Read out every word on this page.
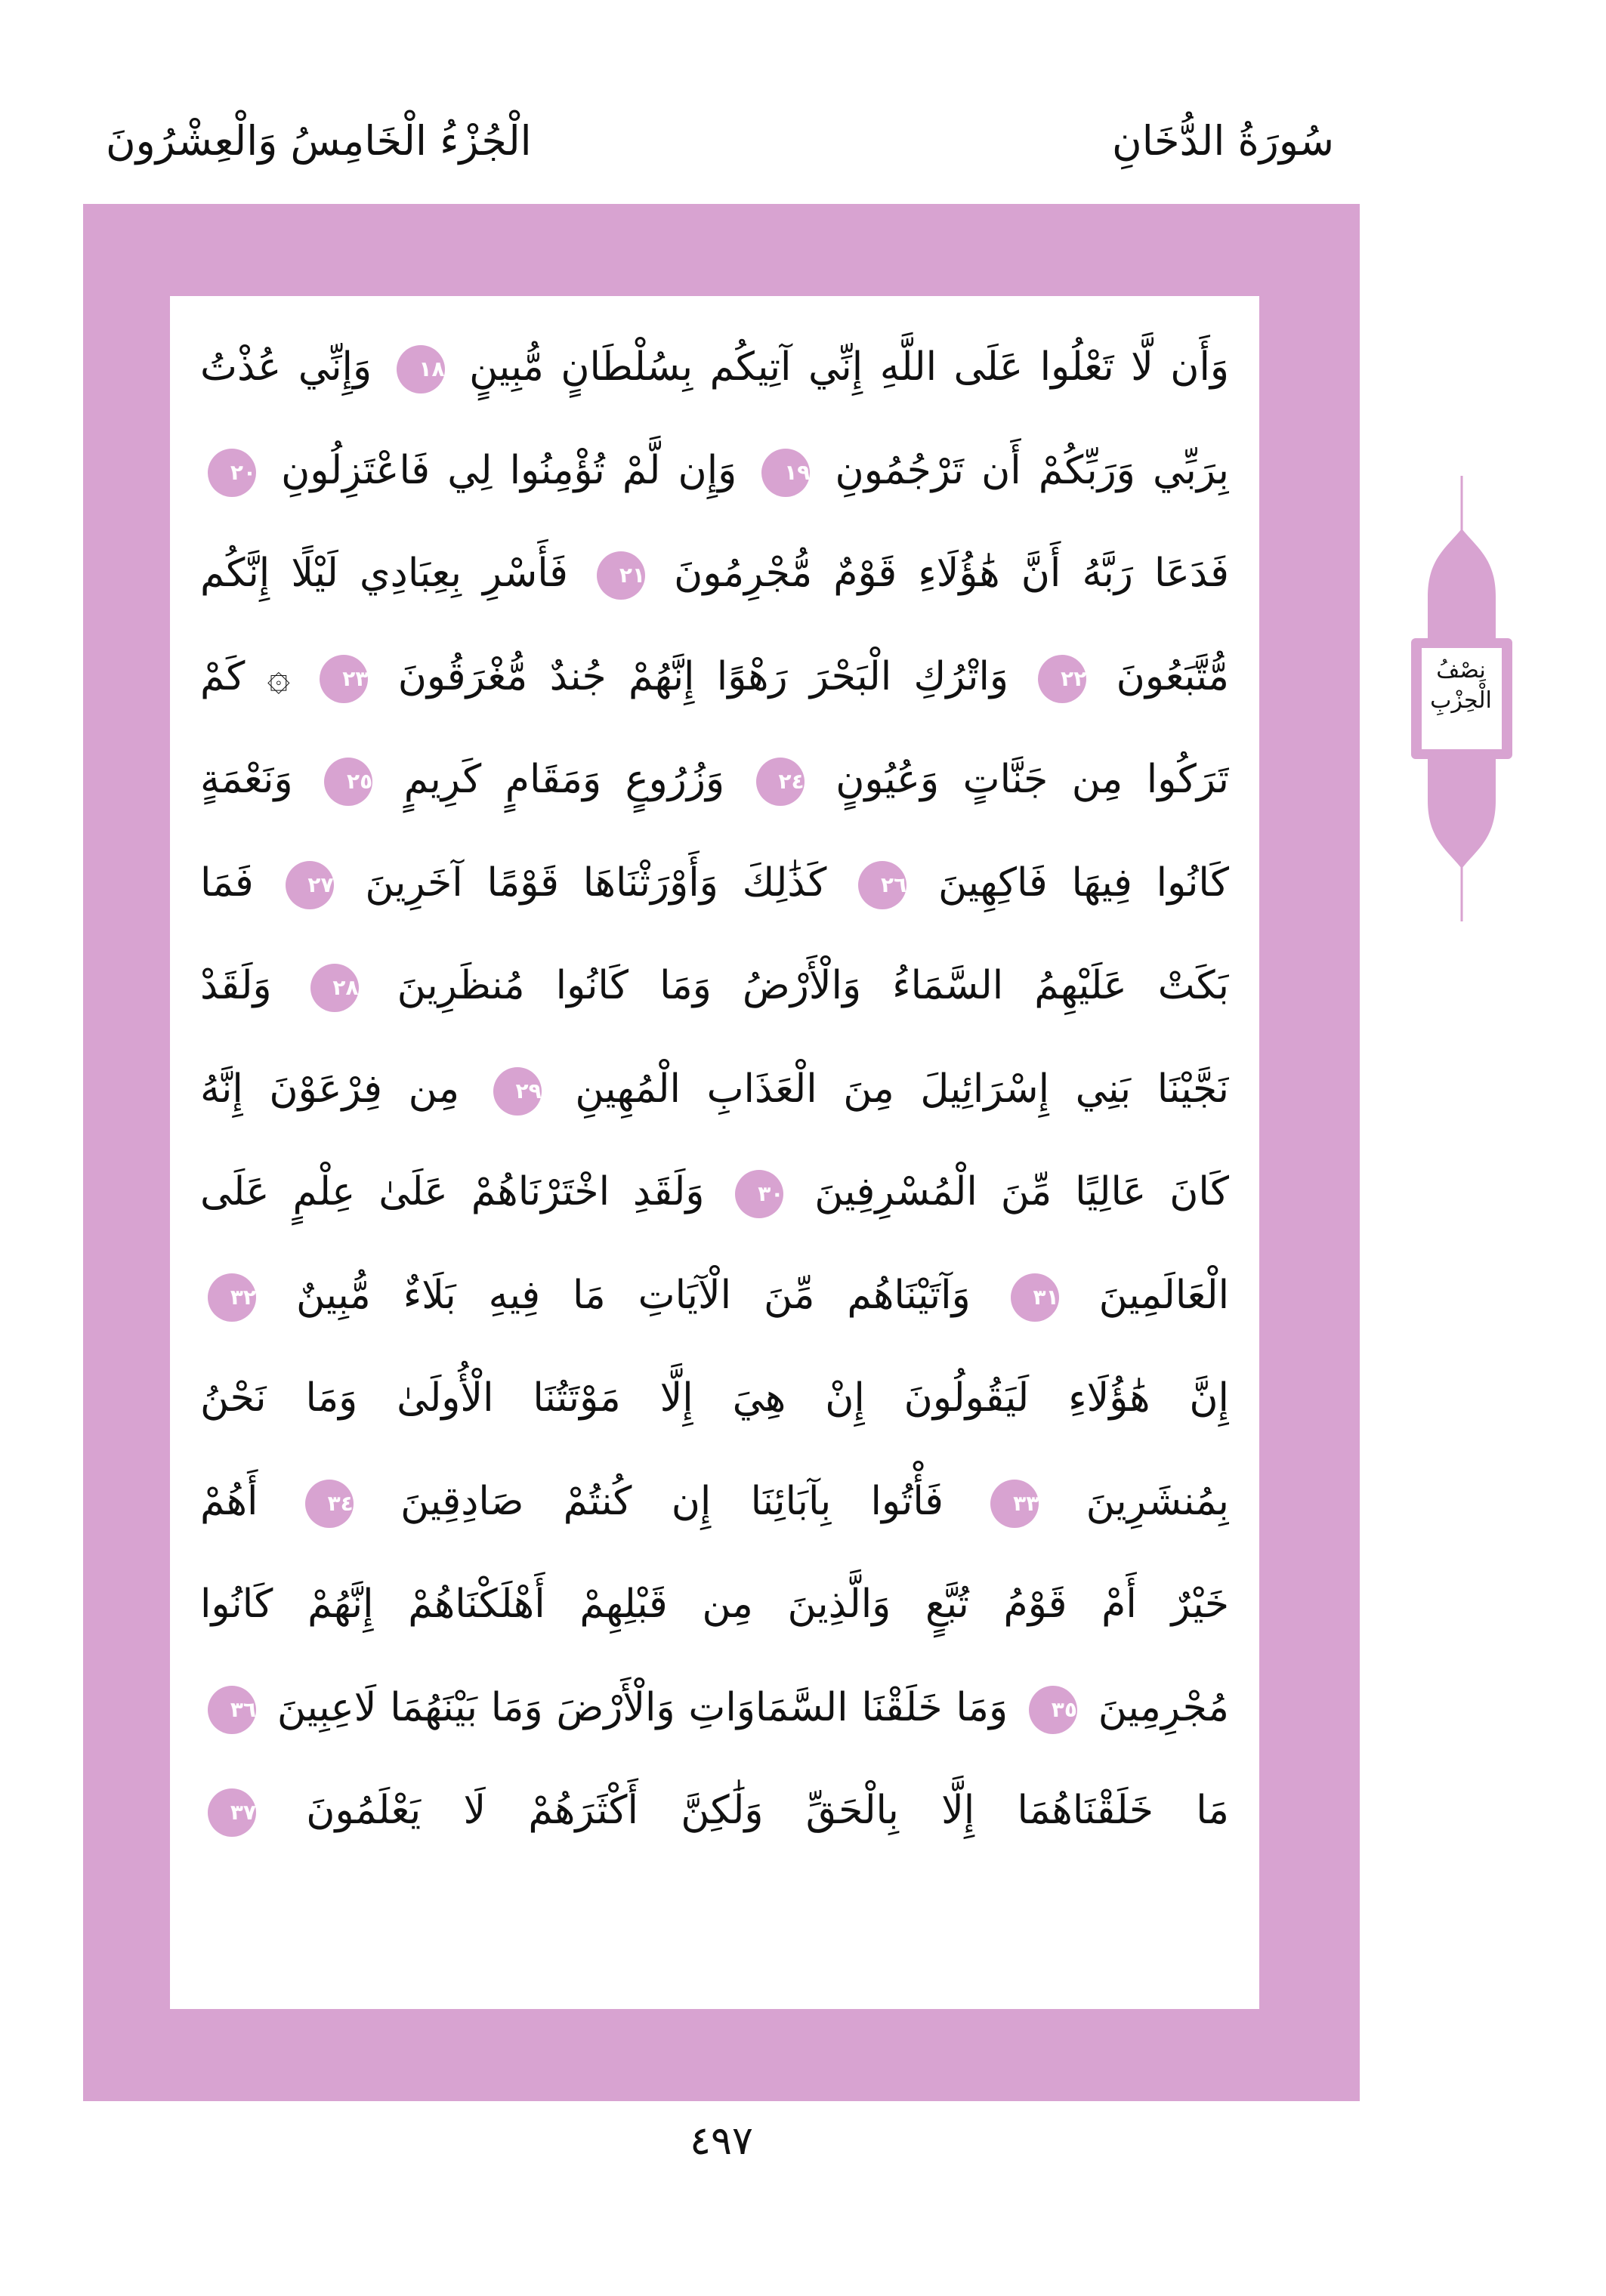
سُورَةُ الدُّخَانِ
الْجُزْءُ الْخَامِسُ وَالْعِشْرُونَ
وَأَن لَّا تَعْلُوا عَلَى اللَّهِ إِنِّي آتِيكُم بِسُلْطَانٍ مُّبِينٍ ١٨ وَإِنِّي عُذْتُ
بِرَبِّي وَرَبِّكُمْ أَن تَرْجُمُونِ ١٩ وَإِن لَّمْ تُؤْمِنُوا لِي فَاعْتَزِلُونِ ٢٠
فَدَعَا رَبَّهُ أَنَّ هَٰؤُلَاءِ قَوْمٌ مُّجْرِمُونَ ٢١ فَأَسْرِ بِعِبَادِي لَيْلًا إِنَّكُم
مُّتَّبَعُونَ ٢٢ وَاتْرُكِ الْبَحْرَ رَهْوًا إِنَّهُمْ جُندٌ مُّغْرَقُونَ ٢٣ ۞ كَمْ
تَرَكُوا مِن جَنَّاتٍ وَعُيُونٍ ٢٤ وَزُرُوعٍ وَمَقَامٍ كَرِيمٍ ٢٥ وَنَعْمَةٍ
كَانُوا فِيهَا فَاكِهِينَ ٢٦ كَذَٰلِكَ وَأَوْرَثْنَاهَا قَوْمًا آخَرِينَ ٢٧ فَمَا
بَكَتْ عَلَيْهِمُ السَّمَاءُ وَالْأَرْضُ وَمَا كَانُوا مُنظَرِينَ ٢٨ وَلَقَدْ
نَجَّيْنَا بَنِي إِسْرَائِيلَ مِنَ الْعَذَابِ الْمُهِينِ ٢٩ مِن فِرْعَوْنَ إِنَّهُ
كَانَ عَالِيًا مِّنَ الْمُسْرِفِينَ ٣٠ وَلَقَدِ اخْتَرْنَاهُمْ عَلَىٰ عِلْمٍ عَلَى
الْعَالَمِينَ ٣١ وَآتَيْنَاهُم مِّنَ الْآيَاتِ مَا فِيهِ بَلَاءٌ مُّبِينٌ ٣٢
إِنَّ هَٰؤُلَاءِ لَيَقُولُونَ إِنْ هِيَ إِلَّا مَوْتَتُنَا الْأُولَىٰ وَمَا نَحْنُ
بِمُنشَرِينَ ٣٣ فَأْتُوا بِآبَائِنَا إِن كُنتُمْ صَادِقِينَ ٣٤ أَهُمْ
خَيْرٌ أَمْ قَوْمُ تُبَّعٍ وَالَّذِينَ مِن قَبْلِهِمْ أَهْلَكْنَاهُمْ إِنَّهُمْ كَانُوا
مُجْرِمِينَ ٣٥ وَمَا خَلَقْنَا السَّمَاوَاتِ وَالْأَرْضَ وَمَا بَيْنَهُمَا لَاعِبِينَ ٣٦
مَا خَلَقْنَاهُمَا إِلَّا بِالْحَقِّ وَلَٰكِنَّ أَكْثَرَهُمْ لَا يَعْلَمُونَ ٣٧
نِصْفُ
الْحِزْبِ
٤٩٧
